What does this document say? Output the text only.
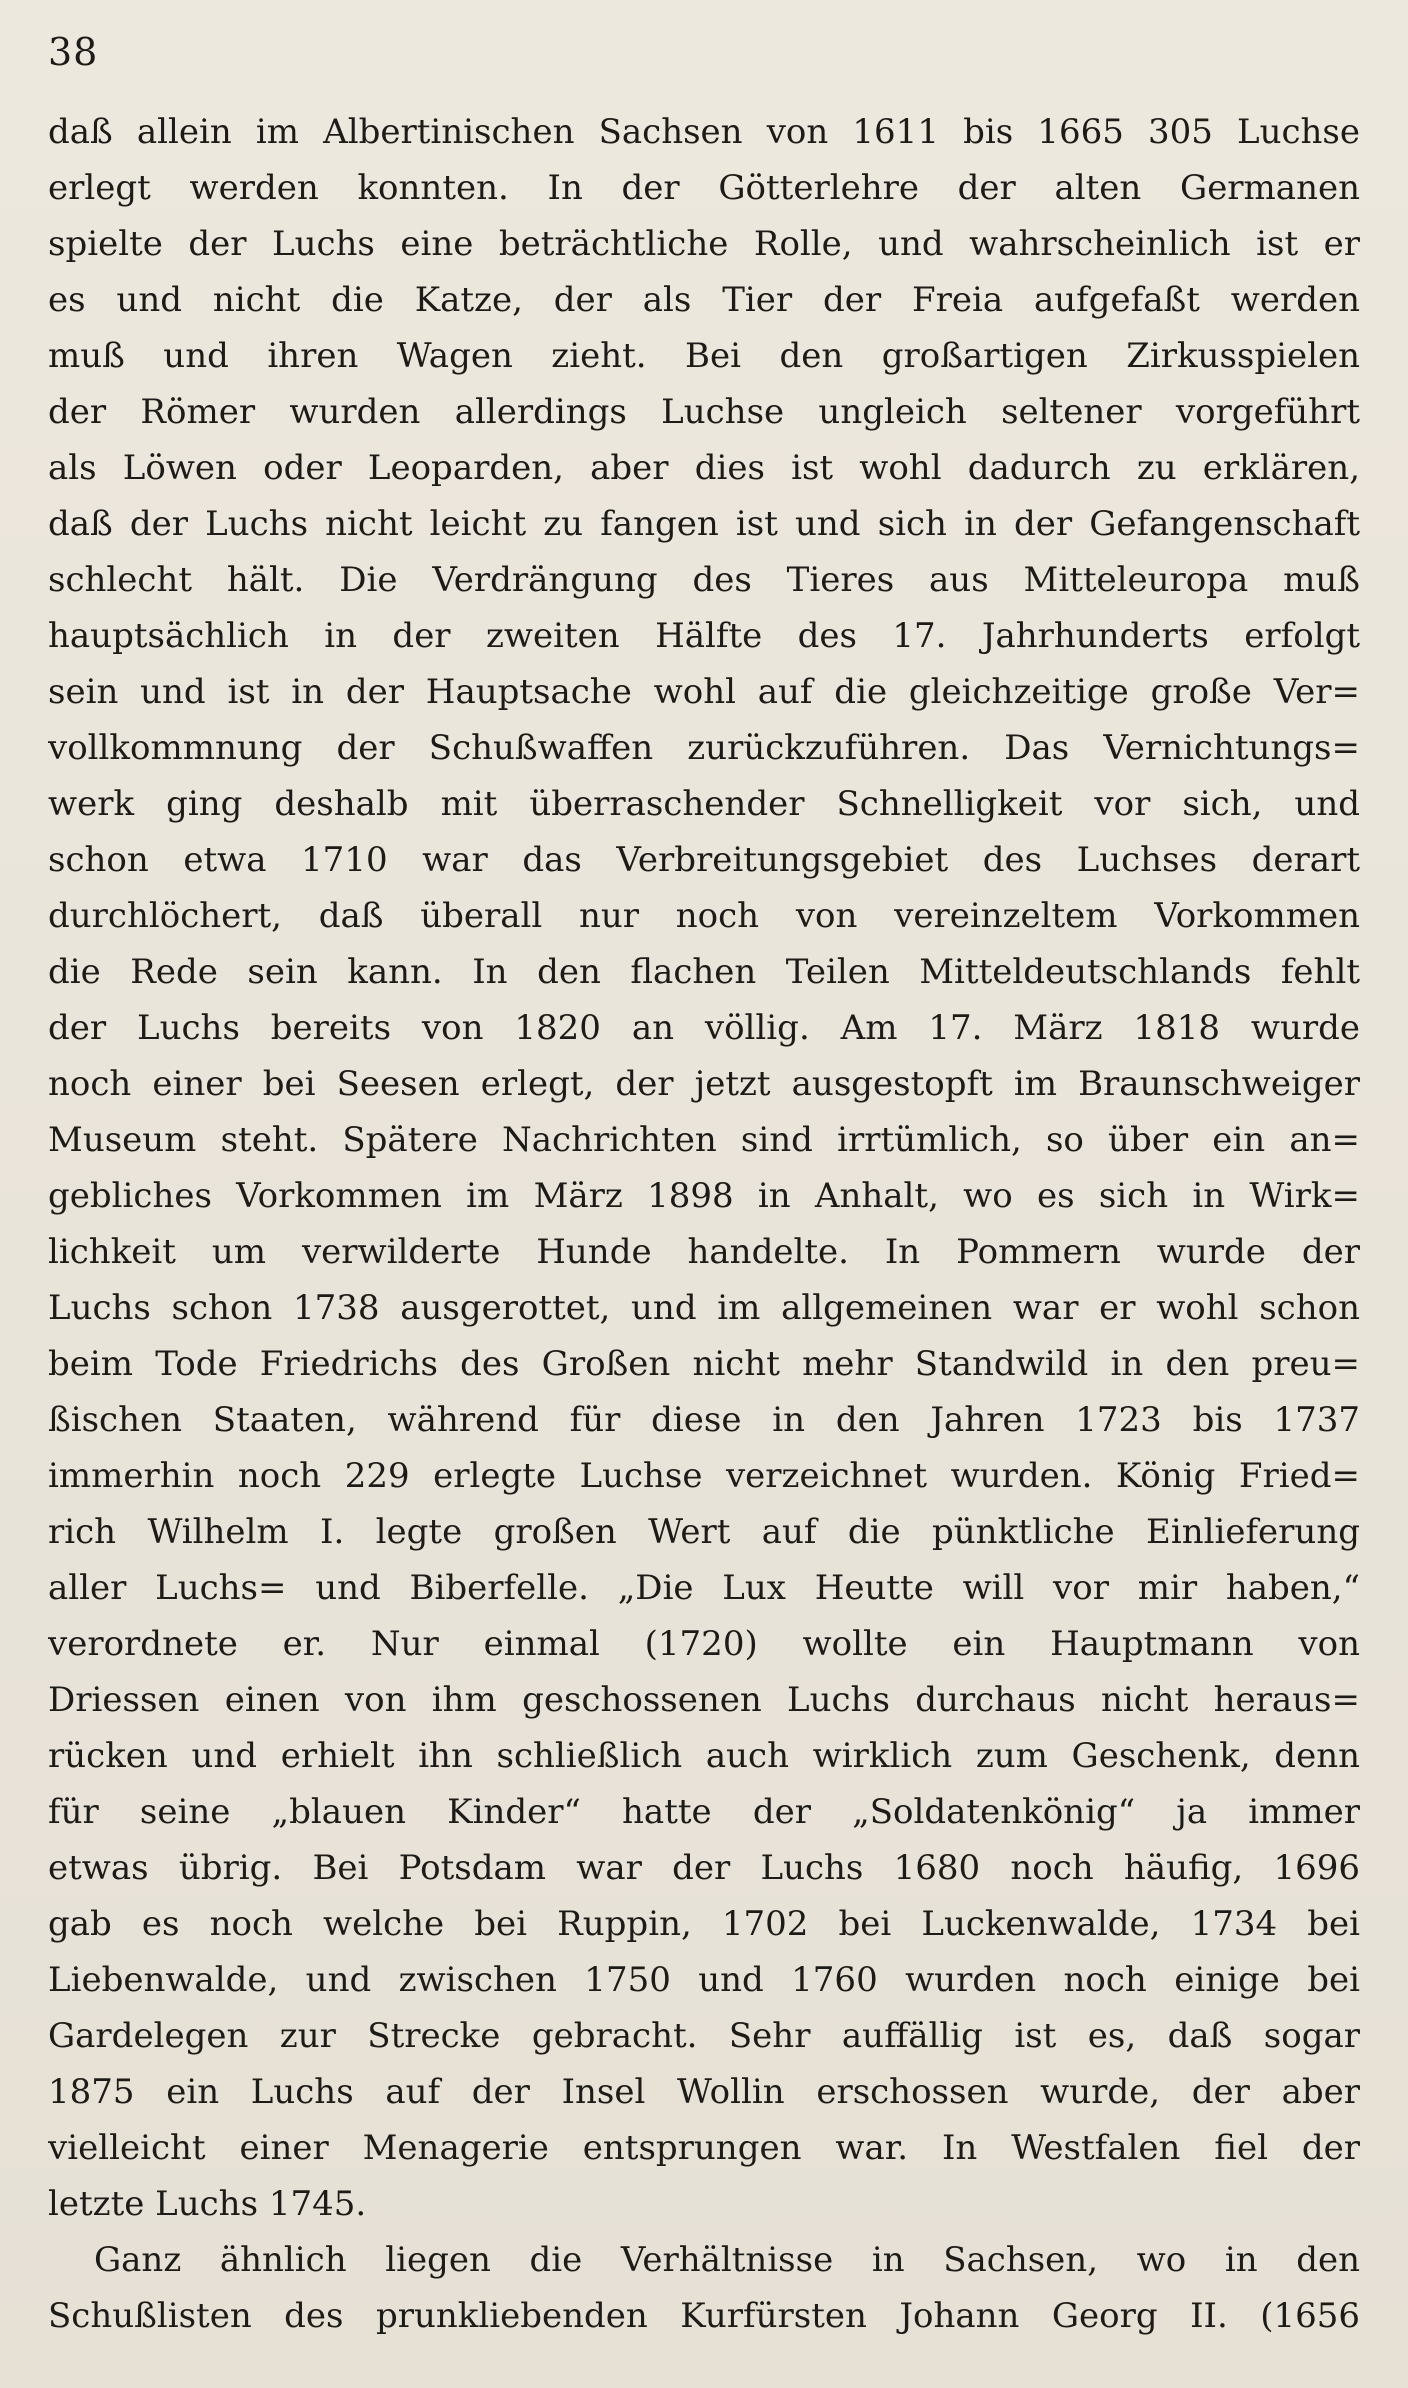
38
daß allein im Albertinischen Sachsen von 1611 bis 1665 305 Luchse
erlegt werden konnten. In der Götterlehre der alten Germanen
spielte der Luchs eine beträchtliche Rolle, und wahrscheinlich ist er
es und nicht die Katze, der als Tier der Freia aufgefaßt werden
muß und ihren Wagen zieht. Bei den großartigen Zirkusspielen
der Römer wurden allerdings Luchse ungleich seltener vorgeführt
als Löwen oder Leoparden, aber dies ist wohl dadurch zu erklären,
daß der Luchs nicht leicht zu fangen ist und sich in der Gefangenschaft
schlecht hält. Die Verdrängung des Tieres aus Mitteleuropa muß
hauptsächlich in der zweiten Hälfte des 17. Jahrhunderts erfolgt
sein und ist in der Hauptsache wohl auf die gleichzeitige große Ver=
vollkommnung der Schußwaffen zurückzuführen. Das Vernichtungs=
werk ging deshalb mit überraschender Schnelligkeit vor sich, und
schon etwa 1710 war das Verbreitungsgebiet des Luchses derart
durchlöchert, daß überall nur noch von vereinzeltem Vorkommen
die Rede sein kann. In den flachen Teilen Mitteldeutschlands fehlt
der Luchs bereits von 1820 an völlig. Am 17. März 1818 wurde
noch einer bei Seesen erlegt, der jetzt ausgestopft im Braunschweiger
Museum steht. Spätere Nachrichten sind irrtümlich, so über ein an=
gebliches Vorkommen im März 1898 in Anhalt, wo es sich in Wirk=
lichkeit um verwilderte Hunde handelte. In Pommern wurde der
Luchs schon 1738 ausgerottet, und im allgemeinen war er wohl schon
beim Tode Friedrichs des Großen nicht mehr Standwild in den preu=
ßischen Staaten, während für diese in den Jahren 1723 bis 1737
immerhin noch 229 erlegte Luchse verzeichnet wurden. König Fried=
rich Wilhelm I. legte großen Wert auf die pünktliche Einlieferung
aller Luchs= und Biberfelle. „Die Lux Heutte will vor mir haben,“
verordnete er. Nur einmal (1720) wollte ein Hauptmann von
Driessen einen von ihm geschossenen Luchs durchaus nicht heraus=
rücken und erhielt ihn schließlich auch wirklich zum Geschenk, denn
für seine „blauen Kinder“ hatte der „Soldatenkönig“ ja immer
etwas übrig. Bei Potsdam war der Luchs 1680 noch häufig, 1696
gab es noch welche bei Ruppin, 1702 bei Luckenwalde, 1734 bei
Liebenwalde, und zwischen 1750 und 1760 wurden noch einige bei
Gardelegen zur Strecke gebracht. Sehr auffällig ist es, daß sogar
1875 ein Luchs auf der Insel Wollin erschossen wurde, der aber
vielleicht einer Menagerie entsprungen war. In Westfalen fiel der
letzte Luchs 1745.
Ganz ähnlich liegen die Verhältnisse in Sachsen, wo in den
Schußlisten des prunkliebenden Kurfürsten Johann Georg II. (1656
